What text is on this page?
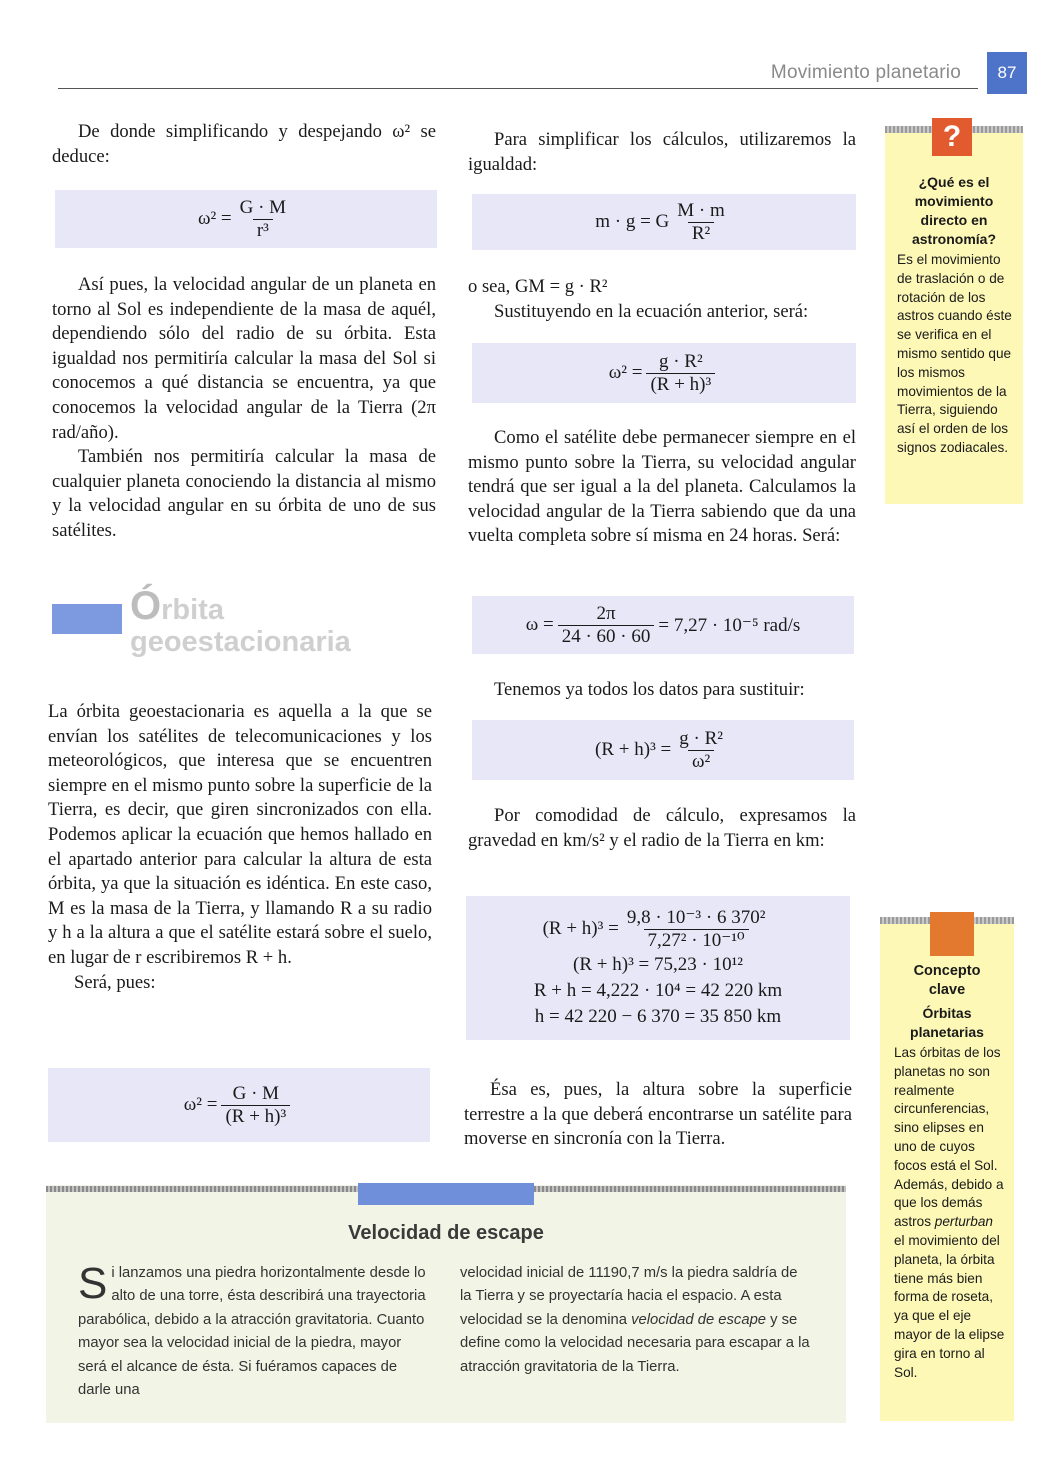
Movimiento planetario	87

De donde simplificando y despejando ω² se deduce:

$\omega^2 = \frac{G \cdot M}{\text{r³}}$

Así pues, la velocidad angular de un planeta en torno al Sol es independiente de la masa de aquél, dependiendo sólo del radio de su órbita. Esta igualdad nos permitiría calcular la masa del Sol si conocemos a qué distancia se encuentra, ya que conocemos la velocidad angular de la Tierra (2π rad/año).

También nos permitiría calcular la masa de cualquier planeta conociendo la distancia al mismo y la velocidad angular en su órbita de uno de sus satélites.

Órbita
geoestacionaria

La órbita geoestacionaria es aquella a la que se envían los satélites de telecomunicaciones y los meteorológicos, que interesa que se encuentren siempre en el mismo punto sobre la superficie de la Tierra, es decir, que giren sincronizados con ella. Podemos aplicar la ecuación que hemos hallado en el apartado anterior para calcular la altura de esta órbita, ya que la situación es idéntica. En este caso, M es la masa de la Tierra, y llamando R a su radio y h a la altura a que el satélite estará sobre el suelo, en lugar de r escribiremos R + h.

Será, pues:

$\omega^2 = \frac{G \cdot M}{\text{(R + h)³}}$

Para simplificar los cálculos, utilizaremos la igualdad:

m · g = G $\frac{M \cdot m}{\text{R²}}$

o sea, GM = g · R²

Sustituyendo en la ecuación anterior, será:

$\omega^2 = \frac{\text{g · R²}}{\text{(R + h)³}}$

Como el satélite debe permanecer siempre en el mismo punto sobre la Tierra, su velocidad angular tendrá que ser igual a la del planeta. Calculamos la velocidad angular de la Tierra sabiendo que da una vuelta completa sobre sí misma en 24 horas. Será:

$\omega = \frac{2\pi}{24 \cdot 60 \cdot 60} = 7,27 \cdot 10^{-5}$ rad/s

Tenemos ya todos los datos para sustituir:

$(R + h)^3 = \frac{\text{g · R²}}{\text{ω²}}$

Por comodidad de cálculo, expresamos la gravedad en km/s² y el radio de la Tierra en km:

$(R + h)^3 = \frac{\text{9,8 · 10⁻³ · 6 370²}}{\text{7,27² · 10⁻¹⁰}}$
(R + h)³ = 75,23 · 10¹²
R + h = 4,222 · 10⁴ = 42 220 km
h = 42 220 − 6 370 = 35 850 km

Ésa es, pues, la altura sobre la superficie terrestre a la que deberá encontrarse un satélite para moverse en sincronía con la Tierra.

¿Qué es el movimiento directo en astronomía?
Es el movimiento de traslación o de rotación de los astros cuando éste se verifica en el mismo sentido que los mismos movimientos de la Tierra, siguiendo así el orden de los signos zodiacales.
?
Concepto clave
Órbitas planetarias
Las órbitas de los planetas no son realmente circunferencias, sino elipses en uno de cuyos focos está el Sol. Además, debido a que los demás astros perturban el movimiento del planeta, la órbita tiene más bien forma de roseta, ya que el eje mayor de la elipse gira en torno al Sol.
Velocidad de escape
Si lanzamos una piedra horizontalmente desde lo alto de una torre, ésta describirá una trayectoria parabólica, debido a la atracción gravitatoria. Cuanto mayor sea la velocidad inicial de la piedra, mayor será el alcance de ésta. Si fuéramos capaces de darle una
velocidad inicial de 11190,7 m/s la piedra saldría de la Tierra y se proyectaría hacia el espacio. A esta velocidad se la denomina velocidad de escape y se define como la velocidad necesaria para escapar a la atracción gravitatoria de la Tierra.
